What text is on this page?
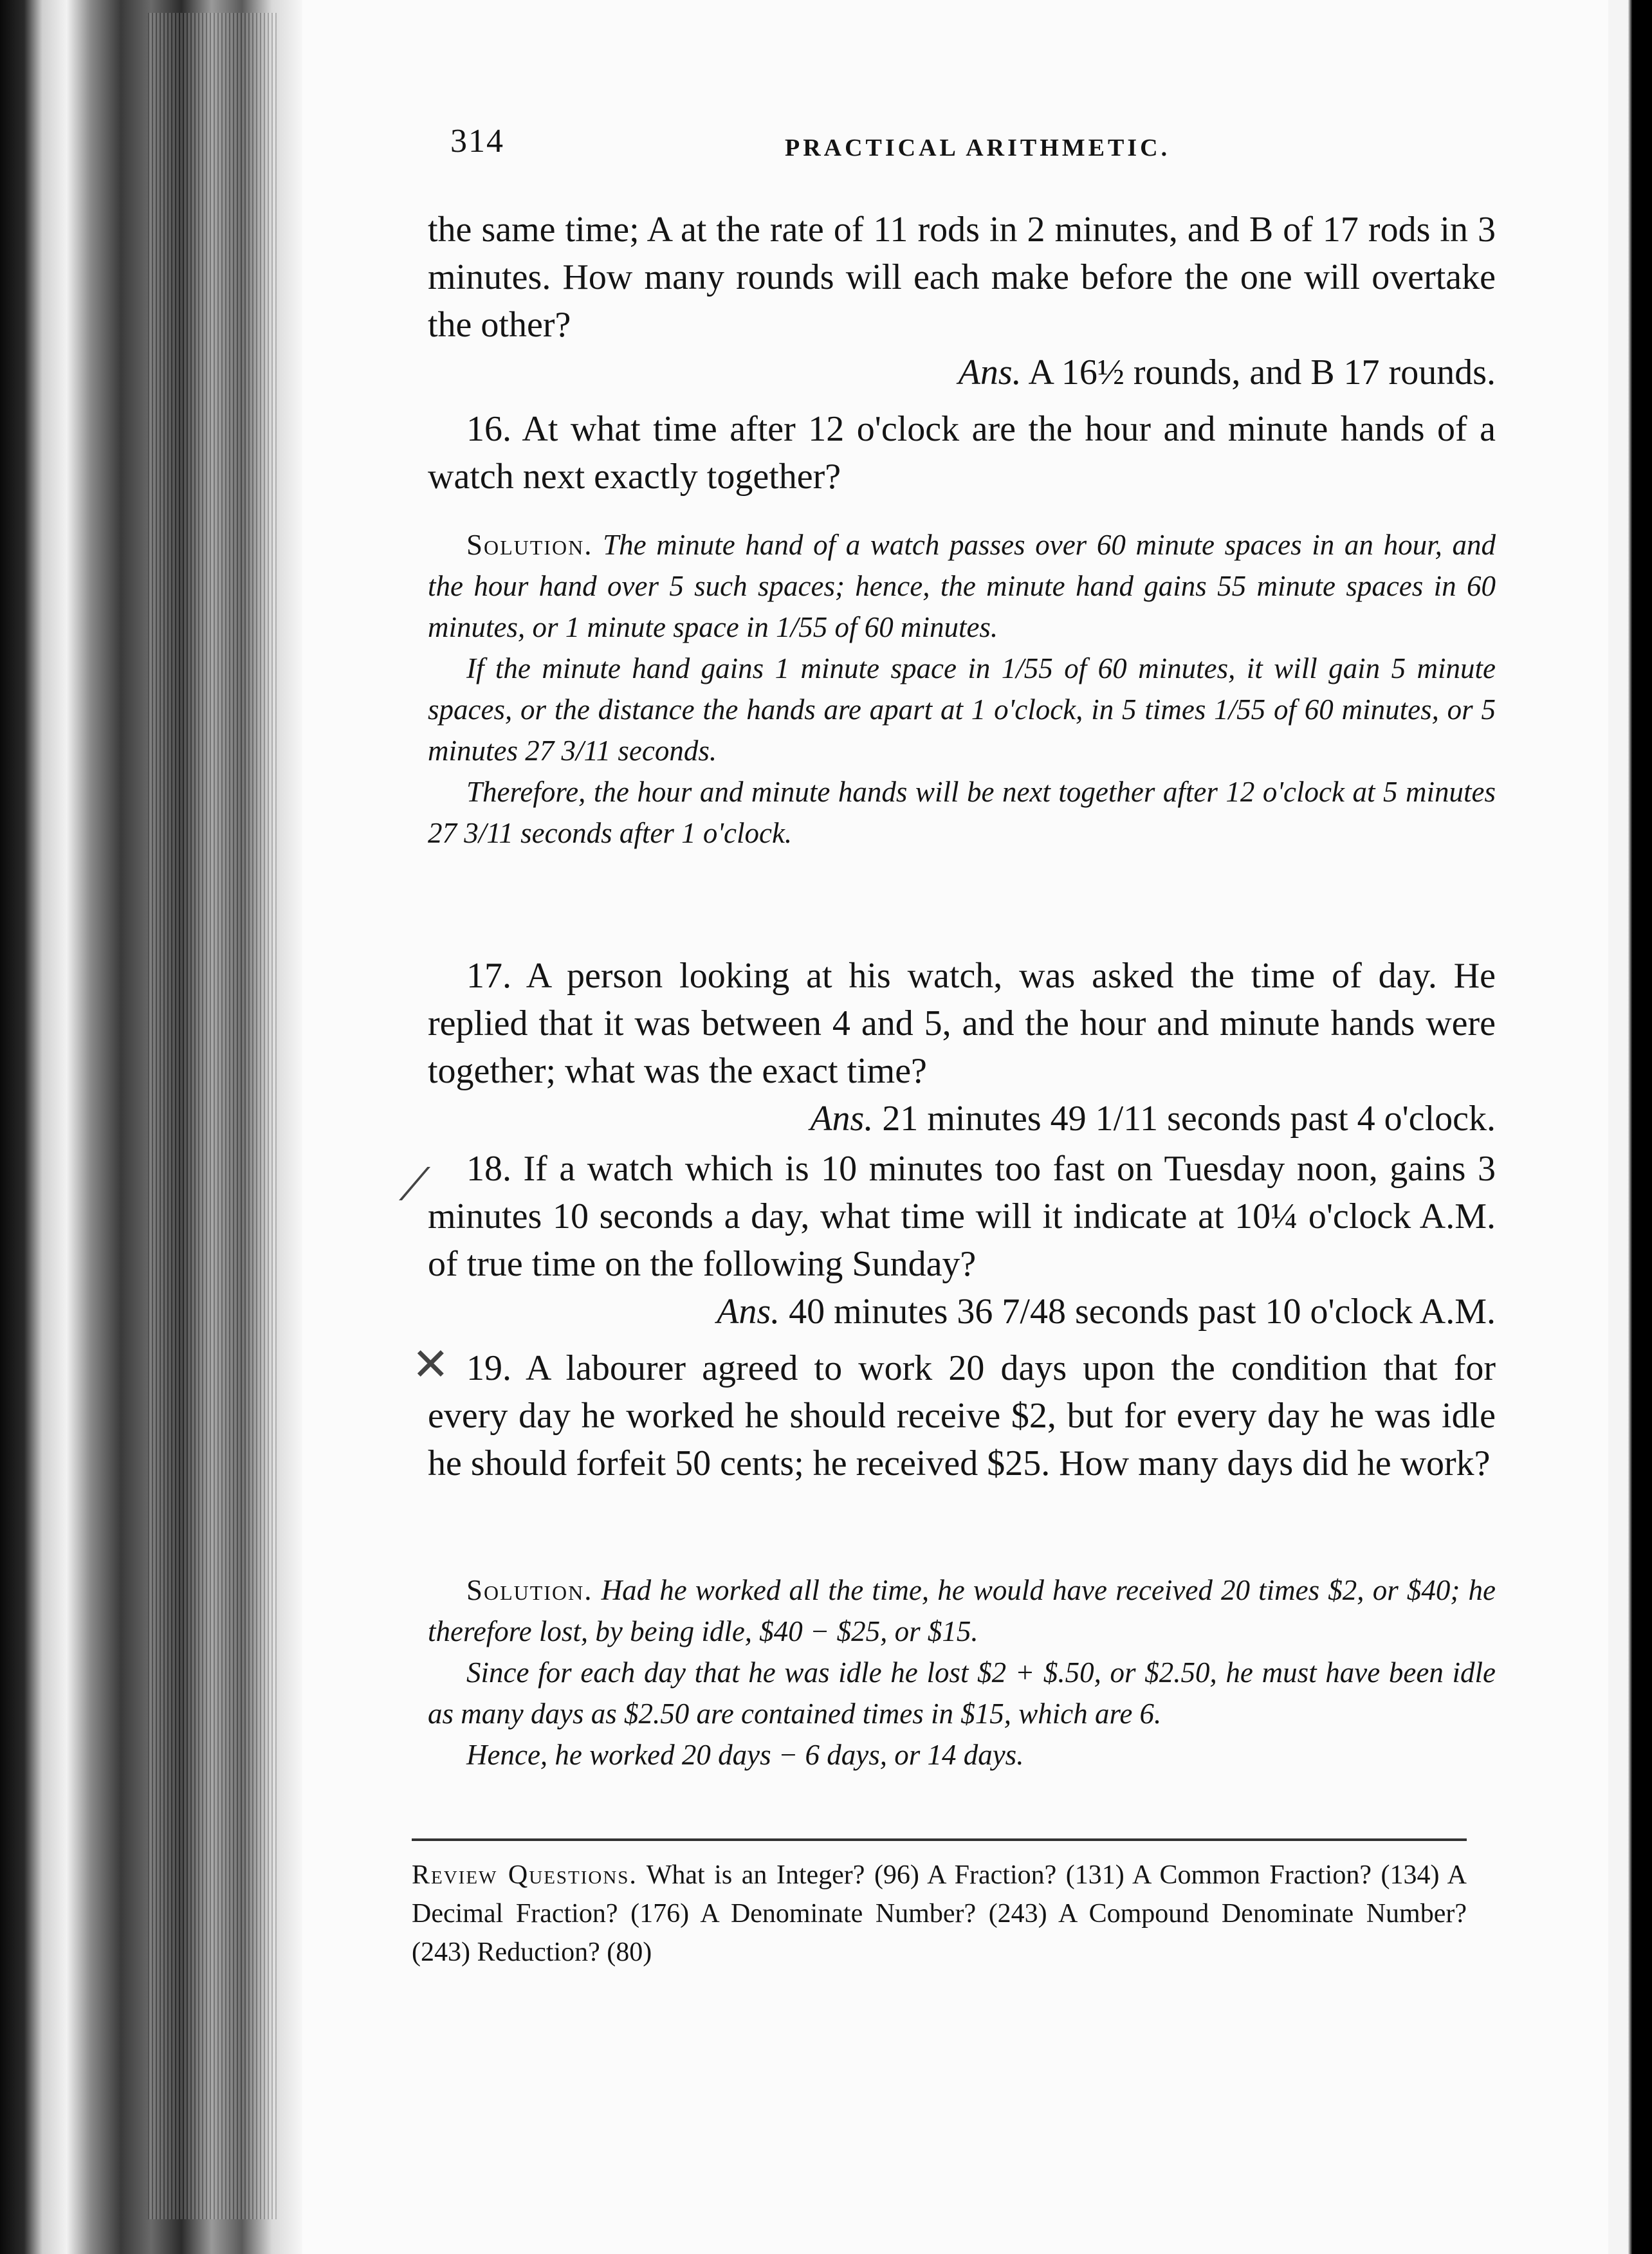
314	PRACTICAL ARITHMETIC.
the same time; A at the rate of 11 rods in 2 minutes, and B of 17 rods in 3 minutes. How many rounds will each make before the one will overtake the other?
Ans. A 16½ rounds, and B 17 rounds.
16. At what time after 12 o'clock are the hour and minute hands of a watch next exactly together?
Solution. The minute hand of a watch passes over 60 minute spaces in an hour, and the hour hand over 5 such spaces; hence, the minute hand gains 55 minute spaces in 60 minutes, or 1 minute space in 1/55 of 60 minutes.
If the minute hand gains 1 minute space in 1/55 of 60 minutes, it will gain 5 minute spaces, or the distance the hands are apart at 1 o'clock, in 5 times 1/55 of 60 minutes, or 5 minutes 27 3/11 seconds.
Therefore, the hour and minute hands will be next together after 12 o'clock at 5 minutes 27 3/11 seconds after 1 o'clock.
17. A person looking at his watch, was asked the time of day. He replied that it was between 4 and 5, and the hour and minute hands were together; what was the exact time?
Ans. 21 minutes 49 1/11 seconds past 4 o'clock.
18. If a watch which is 10 minutes too fast on Tuesday noon, gains 3 minutes 10 seconds a day, what time will it indicate at 10¼ o'clock A.M. of true time on the following Sunday?
Ans. 40 minutes 36 7/48 seconds past 10 o'clock A.M.
19. A labourer agreed to work 20 days upon the condition that for every day he worked he should receive $2, but for every day he was idle he should forfeit 50 cents; he received $25. How many days did he work?
Solution. Had he worked all the time, he would have received 20 times $2, or $40; he therefore lost, by being idle, $40 − $25, or $15.
Since for each day that he was idle he lost $2 + $.50, or $2.50, he must have been idle as many days as $2.50 are contained times in $15, which are 6.
Hence, he worked 20 days − 6 days, or 14 days.
Review Questions. What is an Integer? (96) A Fraction? (131) A Common Fraction? (134) A Decimal Fraction? (176) A Denominate Number? (243) A Compound Denominate Number? (243) Reduction? (80)
⟋
✕
